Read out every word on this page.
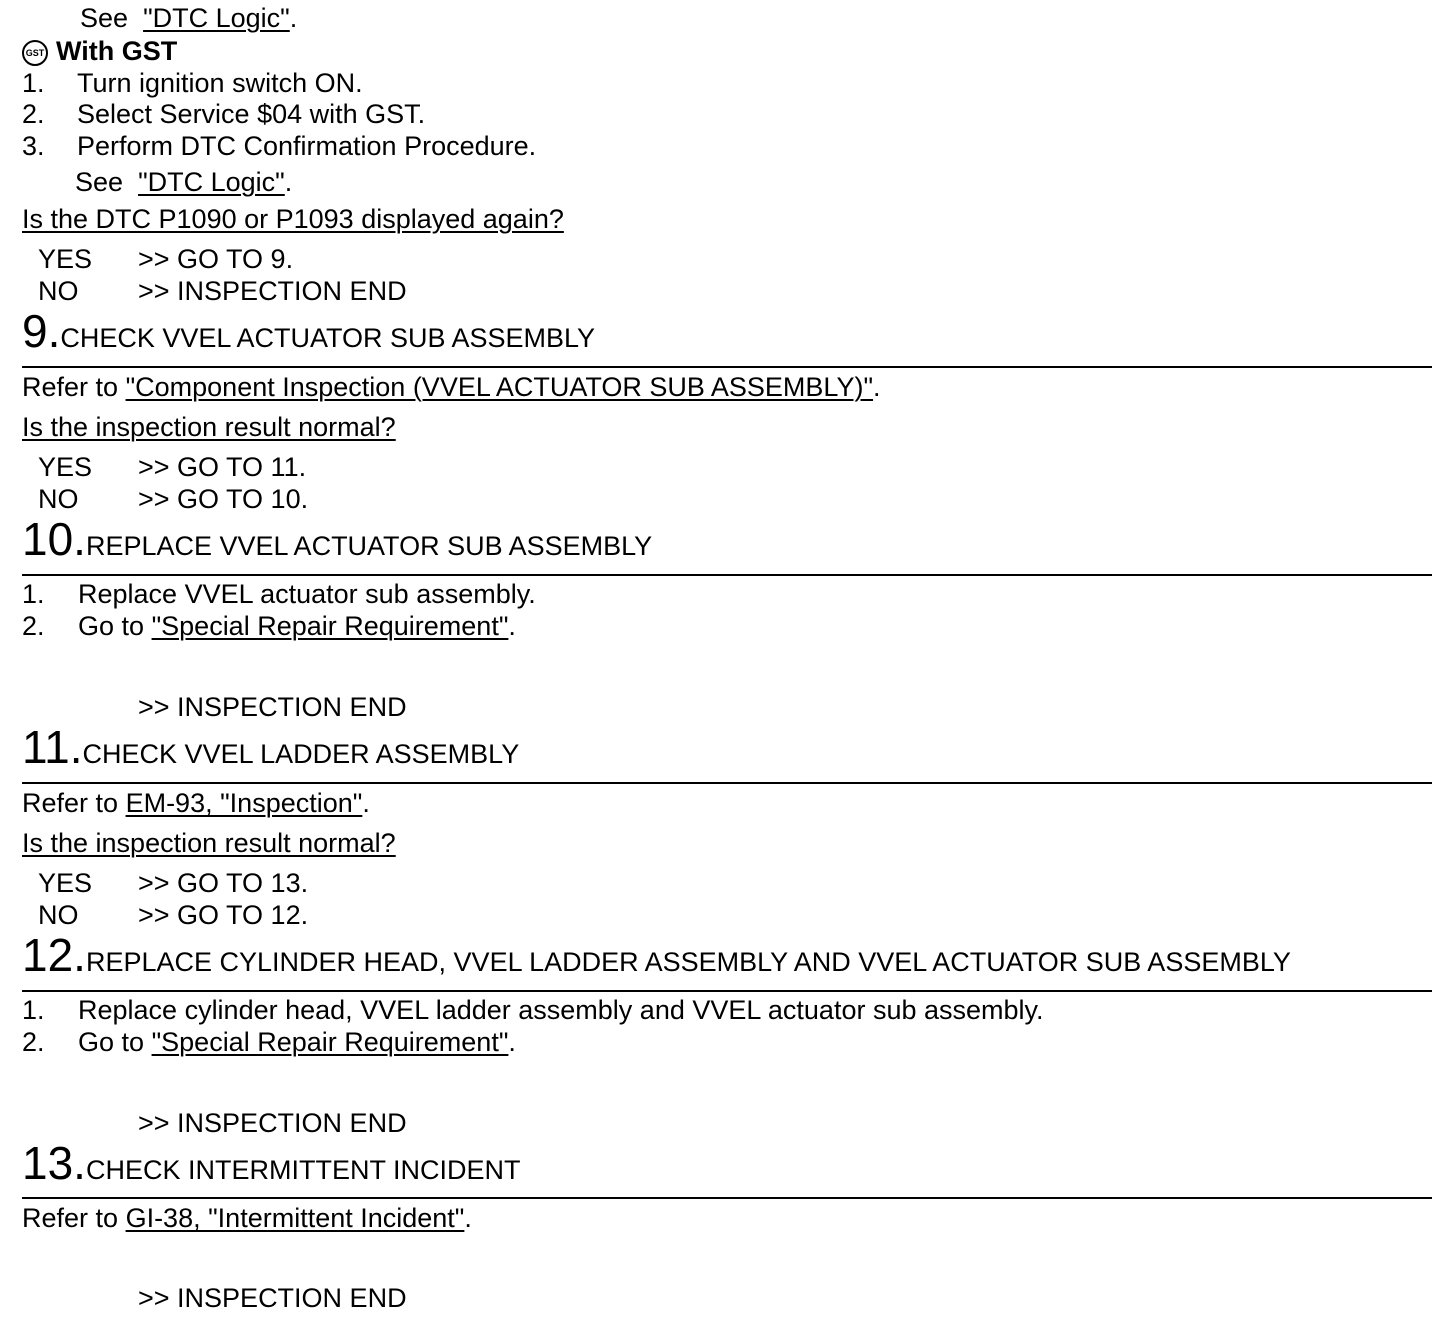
See "DTC Logic".
GST With GST
1. Turn ignition switch ON.
2. Select Service $04 with GST.
3. Perform DTC Confirmation Procedure.
See "DTC Logic".
Is the DTC P1090 or P1093 displayed again?
YES >> GO TO 9.
NO >> INSPECTION END
9. CHECK VVEL ACTUATOR SUB ASSEMBLY
Refer to "Component Inspection (VVEL ACTUATOR SUB ASSEMBLY)".
Is the inspection result normal?
YES >> GO TO 11.
NO >> GO TO 10.
10. REPLACE VVEL ACTUATOR SUB ASSEMBLY
1. Replace VVEL actuator sub assembly.
2. Go to "Special Repair Requirement".
>> INSPECTION END
11. CHECK VVEL LADDER ASSEMBLY
Refer to EM-93, "Inspection".
Is the inspection result normal?
YES >> GO TO 13.
NO >> GO TO 12.
12. REPLACE CYLINDER HEAD, VVEL LADDER ASSEMBLY AND VVEL ACTUATOR SUB ASSEMBLY
1. Replace cylinder head, VVEL ladder assembly and VVEL actuator sub assembly.
2. Go to "Special Repair Requirement".
>> INSPECTION END
13. CHECK INTERMITTENT INCIDENT
Refer to GI-38, "Intermittent Incident".
>> INSPECTION END
